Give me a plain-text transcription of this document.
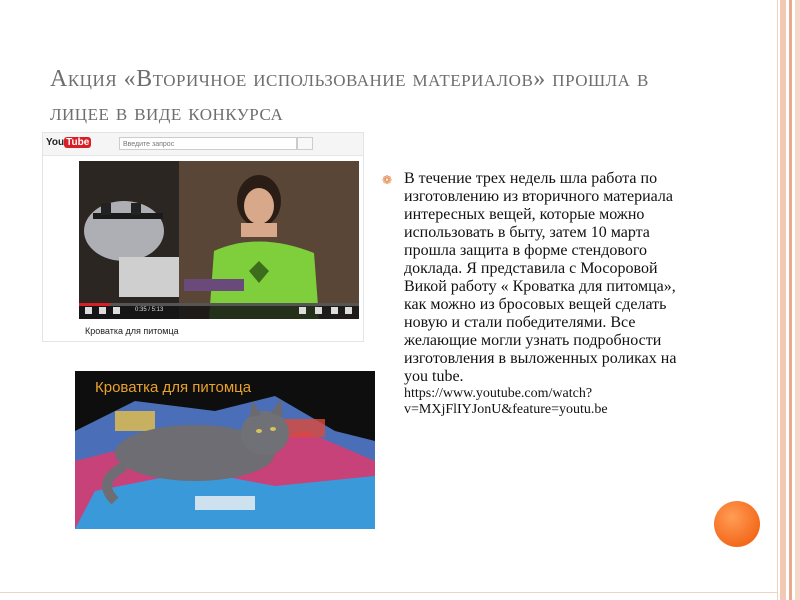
Акция «Вторичное использование материалов» прошла в лицее в виде конкурса
You Tube	Введите запрос
0:35 / 5:13
Кроватка для питомца
Кроватка для питомца
❁ В течение трех недель шла работа по изготовлению из вторичного материала интересных вещей, которые можно использовать в быту, затем 10 марта прошла защита в форме стендового доклада. Я представила с Мосоровой Викой работу « Кроватка для питомца», как можно из бросовых вещей сделать новую и стали победителями. Все желающие могли узнать подробности изготовления в выложенных роликах на you tube.
https://www.youtube.com/watch?v=MXjFlIYJonU&feature=youtu.be
